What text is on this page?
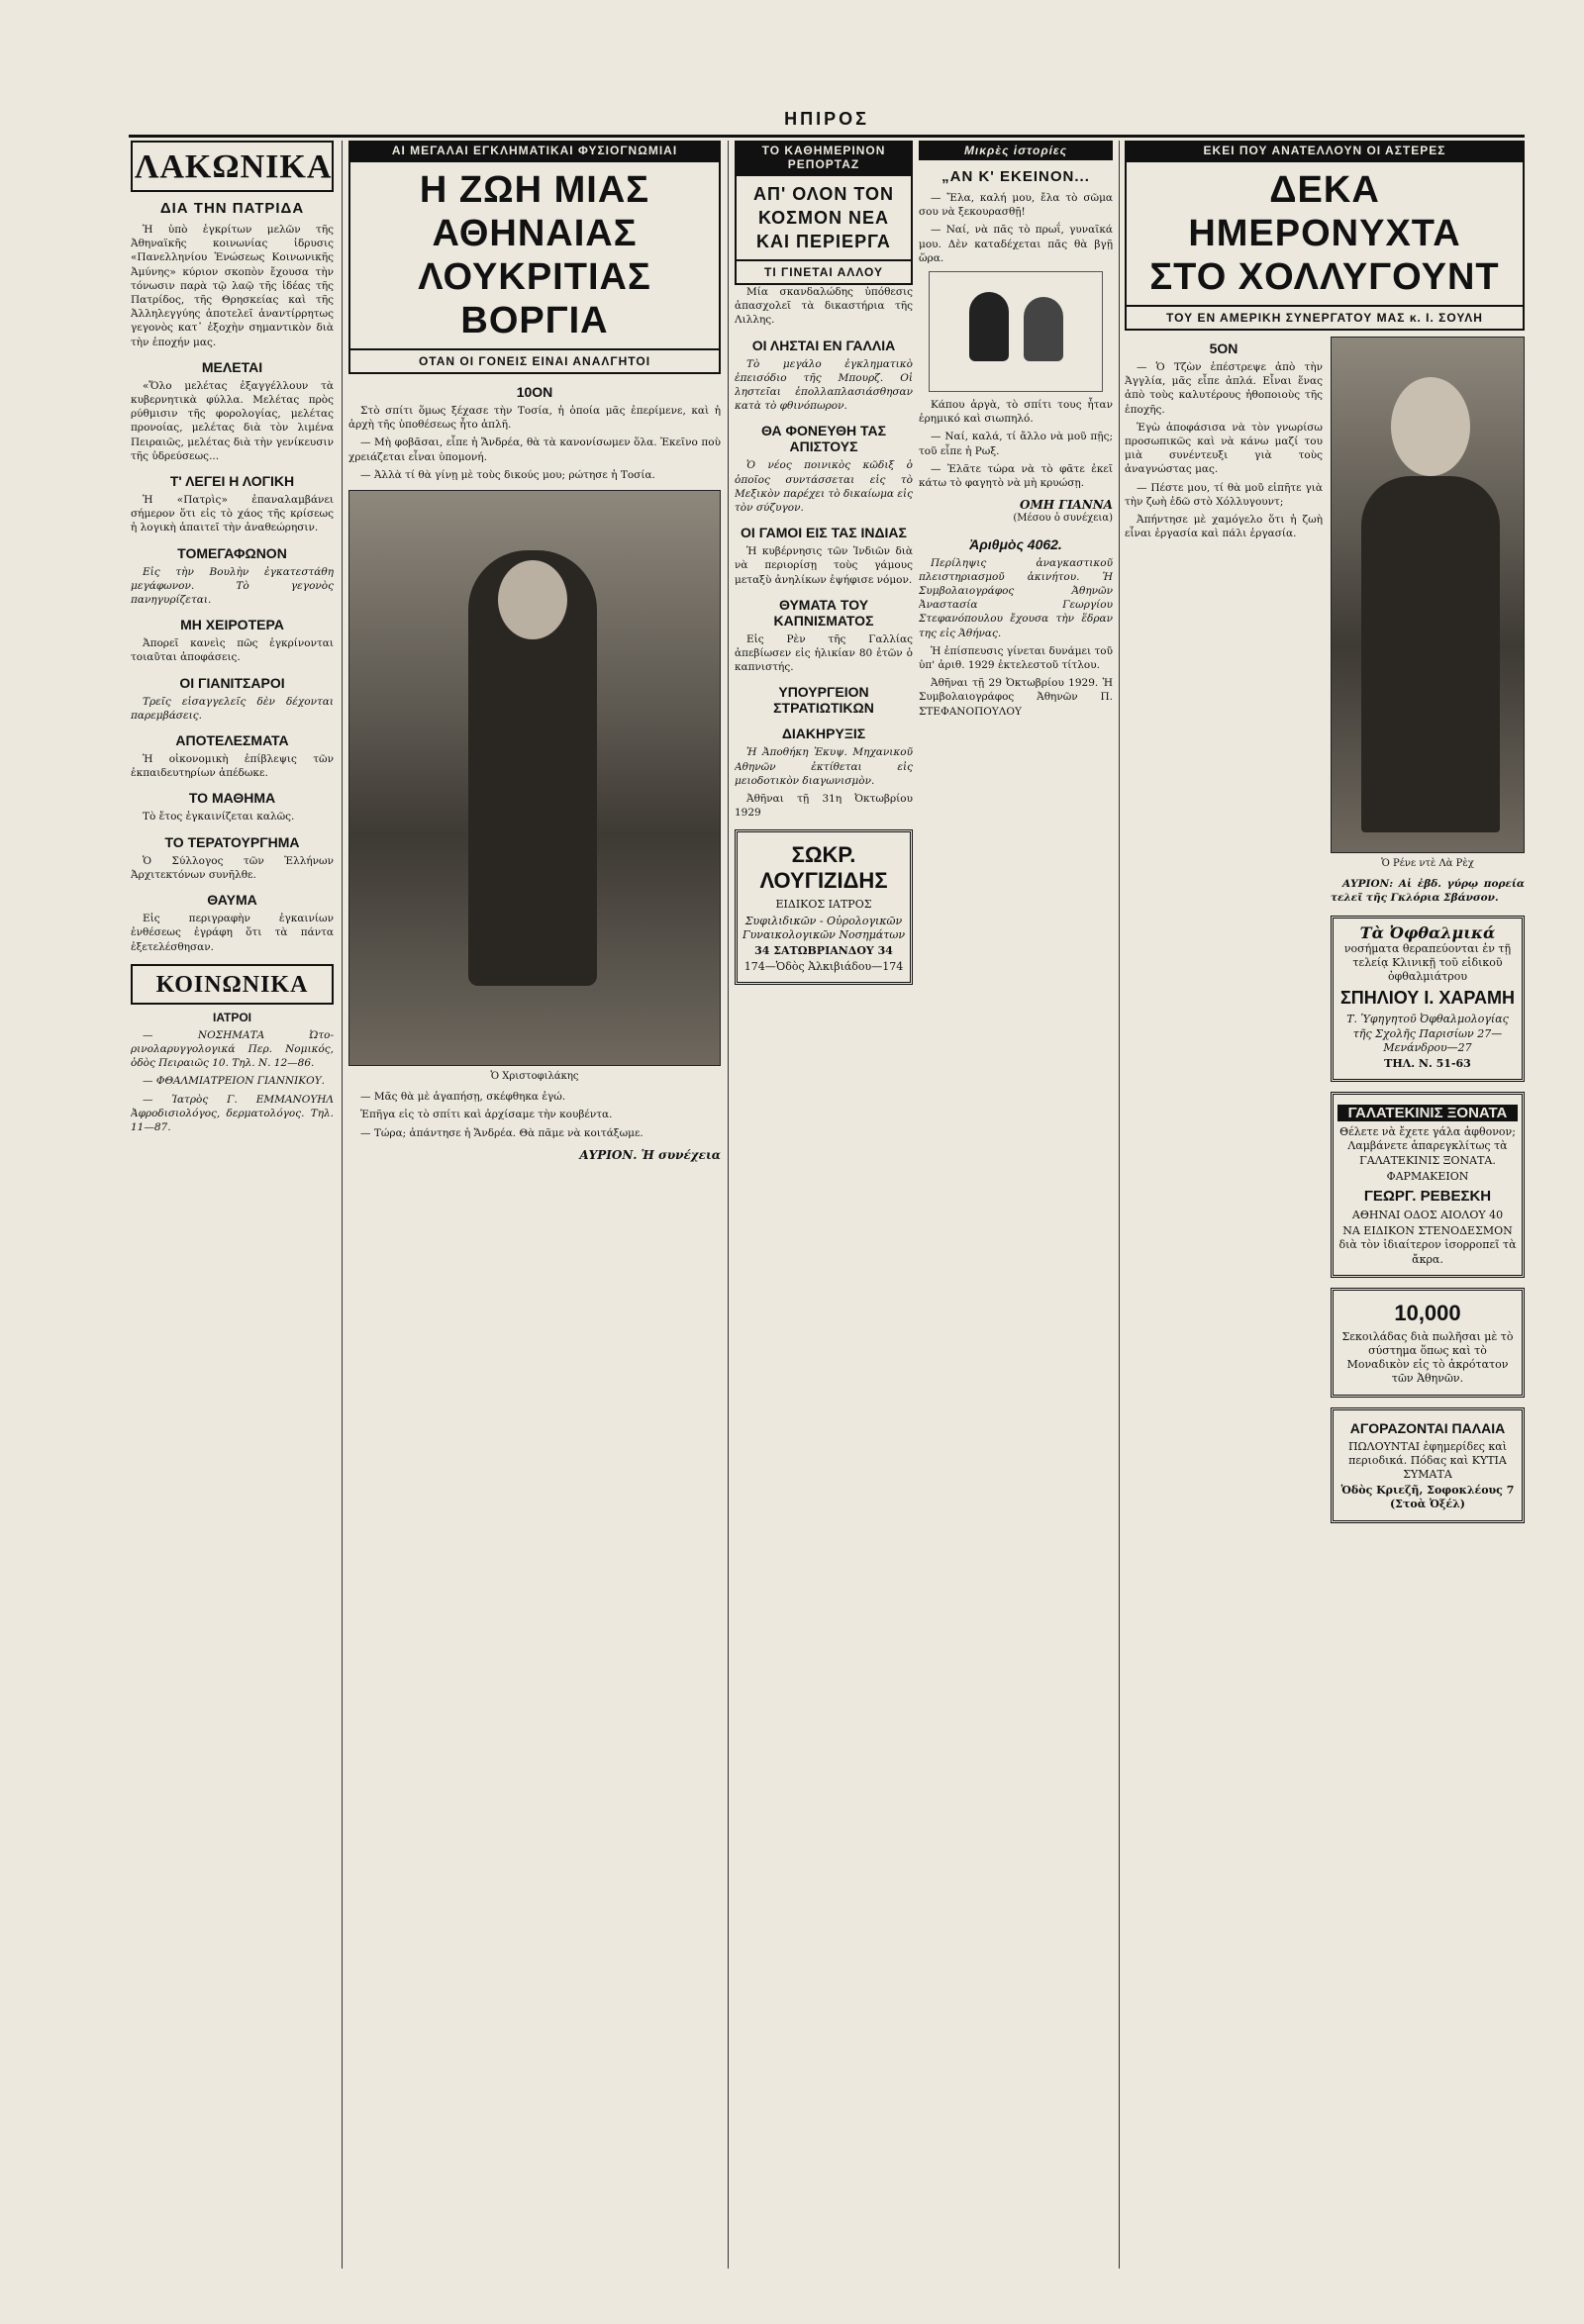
ΗΠΙΡΟΣ
ΛΑΚΩΝΙΚΑ
ΔΙΑ ΤΗΝ ΠΑΤΡΙΔΑ

Ἡ ὑπὸ ἐγκρίτων μελῶν τῆς Ἀθηναϊκῆς κοινωνίας ἱδρυσις «Πανελληνίου Ἑνώσεως Κοινωνικῆς Ἀμύνης» κύριον σκοπὸν ἔχουσα τὴν τόνωσιν παρὰ τῷ λαῷ τῆς ἰδέας τῆς Πατρίδος, τῆς Θρησκείας καὶ τῆς Ἀλληλεγγύης ἀποτελεῖ ἀναντίρρητως γεγονὸς κατ᾽ ἐξοχὴν σημαντικὸν διὰ τὴν ἐποχήν μας.

ΜΕΛΕΤΑΙ

«Ὅλο μελέτας ἐξαγγέλλουν τὰ κυβερνητικὰ φύλλα. Μελέτας πρὸς ρύθμισιν τῆς φορολογίας, μελέτας προνοίας, μελέτας διὰ τὸν λιμένα Πειραιῶς, μελέτας διὰ τὴν γενίκευσιν τῆς ὑδρεύσεως...

Τ' ΛΕΓΕΙ Η ΛΟΓΙΚΗ

Ἡ «Πατρὶς» ἐπαναλαμβάνει σήμερον ὅτι εἰς τὸ χάος τῆς κρίσεως ἡ λογικὴ ἀπαιτεῖ τὴν ἀναθεώρησιν.

ΤΟΜΕΓΑΦΩΝΟΝ

Εἰς τὴν Βουλὴν ἐγκατεστάθη μεγάφωνον. Τὸ γεγονὸς πανηγυρίζεται.

ΜΗ ΧΕΙΡΟΤΕΡΑ

Ἀπορεῖ κανεὶς πῶς ἐγκρίνονται τοιαῦται ἀποφάσεις.

ΟΙ ΓΙΑΝΙΤΣΑΡΟΙ

Τρεῖς εἰσαγγελεῖς δὲν δέχονται παρεμβάσεις.

ΑΠΟΤΕΛΕΣΜΑΤΑ

Ἡ οἰκονομικὴ ἐπίβλεψις τῶν ἐκπαιδευτηρίων ἀπέδωκε.

ΤΟ ΜΑΘΗΜΑ

Τὸ ἔτος ἐγκαινίζεται καλῶς.

ΤΟ ΤΕΡΑΤΟΥΡΓΗΜΑ

Ὁ Σύλλογος τῶν Ἑλλήνων Ἀρχιτεκτόνων συνῆλθε.

ΘΑΥΜΑ

Εἰς περιγραφὴν ἐγκαινίων ἐνθέσεως ἐγράφη ὅτι τὰ πάντα ἐξετελέσθησαν.

ΚΟΙΝΩΝΙΚΑ
ΙΑΤΡΟΙ

— ΝΟΣΗΜΑΤΑ Ὠτο-ρινολαρυγγολογικά Περ. Νομικός, ὁδὸς Πειραιῶς 10. Τηλ. Ν. 12—86.

— ΦΘΑΛΜΙΑΤΡΕΙΟΝ ΓΙΑΝΝΙΚΟΥ.

— Ἰατρὸς Γ. ΕΜΜΑΝΟΥΗΛ Ἀφροδισιολόγος, δερματολόγος. Τηλ. 11—87.

ΑΙ ΜΕΓΑΛΑΙ ΕΓΚΛΗΜΑΤΙΚΑΙ ΦΥΣΙΟΓΝΩΜΙΑΙ
Η ΖΩΗ ΜΙΑΣ ΑΘΗΝΑΙΑΣ
ΛΟΥΚΡΙΤΙΑΣ ΒΟΡΓΙΑ
ΟΤΑΝ ΟΙ ΓΟΝΕΙΣ ΕΙΝΑΙ ΑΝΑΛΓΗΤΟΙ
10ΟΝ

Στὸ σπίτι ὅμως ξέχασε τὴν Τοσία, ἡ ὁποία μᾶς ἐπερίμενε, καὶ ἡ ἀρχὴ τῆς ὑποθέσεως ἦτο ἁπλῆ.

— Μὴ φοβᾶσαι, εἶπε ἡ Ἄνδρέα, θὰ τὰ κανονίσωμεν ὅλα. Ἐκεῖνο ποὺ χρειάζεται εἶναι ὑπομονή.

— Ἀλλὰ τί θὰ γίνῃ μὲ τοὺς δικούς μου; ρώτησε ἡ Τοσία.

Ὁ Χριστοφιλάκης

— Μᾶς θὰ μὲ ἀγαπήσῃ, σκέφθηκα ἐγώ.

Ἐπῆγα εἰς τὸ σπίτι καὶ ἀρχίσαμε τὴν κουβέντα.

— Τώρα; ἀπάντησε ἡ Ἄνδρέα. Θὰ πᾶμε νὰ κοιτάξωμε.

ΑΥΡΙΟΝ. Ἡ συνέχεια
ΤΟ ΚΑΘΗΜΕΡΙΝΟΝ ΡΕΠΟΡΤΑΖ
ΑΠ' ΟΛΟΝ ΤΟΝ ΚΟΣΜΟΝ ΝΕΑ ΚΑΙ ΠΕΡΙΕΡΓΑ
ΤΙ ΓΙΝΕΤΑΙ ΑΛΛΟΥ

Μία σκανδαλώδης ὑπόθεσις ἀπασχολεῖ τὰ δικαστήρια τῆς Λιλλης.

ΟΙ ΛΗΣΤΑΙ ΕΝ ΓΑΛΛΙΑ

Τὸ μεγάλο ἐγκληματικὸ ἐπεισόδιο τῆς Μπουρζ. Οἱ ληστεῖαι ἐπολλαπλασιάσθησαν κατὰ τὸ φθινόπωρον.

ΘΑ ΦΟΝΕΥΘΗ ΤΑΣ ΑΠΙΣΤΟΥΣ

Ὁ νέος ποινικὸς κῶδιξ ὁ ὁποῖος συντάσσεται εἰς τὸ Μεξικὸν παρέχει τὸ δικαίωμα εἰς τὸν σύζυγον.

ΟΙ ΓΑΜΟΙ ΕΙΣ ΤΑΣ ΙΝΔΙΑΣ

Ἡ κυβέρνησις τῶν Ἰνδιῶν διὰ νὰ περιορίσῃ τοὺς γάμους μεταξὺ ἀνηλίκων ἐψήφισε νόμον.

ΘΥΜΑΤΑ ΤΟΥ ΚΑΠΝΙΣΜΑΤΟΣ

Εἰς Ρὲν τῆς Γαλλίας ἀπεβίωσεν εἰς ἡλικίαν 80 ἐτῶν ὁ καπνιστής.

ΥΠΟΥΡΓΕΙΟΝ ΣΤΡΑΤΙΩΤΙΚΩΝ
ΔΙΑΚΗΡΥΞΙΣ

Ἡ Ἀποθήκη Ἐκυψ. Μηχανικοῦ Αθηνῶν ἐκτίθεται εἰς μειοδοτικὸν διαγωνισμὸν.

Ἀθῆναι τῇ 31η Ὀκτωβρίου 1929

ΣΩΚΡ. ΛΟΥΓΙΖΙΔΗΣ
ΕΙΔΙΚΟΣ ΙΑΤΡΟΣ
Συφιλιδικῶν - Οὐρολογικῶν Γυναικολογικῶν Νοσημάτων
34 ΣΑΤΩΒΡΙΑΝΔΟΥ 34
174—Ὁδὸς Ἀλκιβιάδου—174
Μικρὲς ἱστορίες
„ΑΝ Κ' ΕΚΕΙΝΟΝ...

— Ἔλα, καλή μου, ἔλα τὸ σῶμα σου νὰ ξεκουρασθῇ!

— Ναί, νὰ πᾶς τὸ πρωΐ, γυναῖκά μου. Δὲν καταδέχεται πᾶς θὰ βγῇ ὥρα.

Κάπου ἀργὰ, τὸ σπίτι τους ἦταν ἐρημικό καὶ σιωπηλό.

— Ναί, καλά, τί ἄλλο νὰ μοῦ πῇς; τοῦ εἶπε ἡ Ρωξ.

— Ἐλᾶτε τώρα νὰ τὸ φᾶτε ἐκεῖ κάτω τὸ φαγητὸ νὰ μὴ κρυώσῃ.

ΟΜΗ ΓΙΑΝΝΑ
(Μέσου ὁ συνέχεια)
Ἀριθμὸς 4062.

Περίληψις ἀναγκαστικοῦ πλειστηριασμοῦ ἀκινήτου. Ἡ Συμβολαιογράφος Ἀθηνῶν Ἀναστασία Γεωργίου Στεφανόπουλου ἔχουσα τὴν ἕδραν της εἰς Ἀθήνας.

Ἡ ἐπίσπευσις γίνεται δυνάμει τοῦ ὑπ' ἀριθ. 1929 ἐκτελεστοῦ τίτλου.

Ἀθῆναι τῇ 29 Ὀκτωβρίου 1929. Ἡ Συμβολαιογράφος Ἀθηνῶν Π. ΣΤΕΦΑΝΟΠΟΥΛΟΥ

ΕΚΕΙ ΠΟΥ ΑΝΑΤΕΛΛΟΥΝ ΟΙ ΑΣΤΕΡΕΣ
ΔΕΚΑ ΗΜΕΡΟΝΥΧΤΑ
ΣΤΟ ΧΟΛΛΥΓΟΥΝΤ
ΤΟΥ ΕΝ ΑΜΕΡΙΚΗ ΣΥΝΕΡΓΑΤΟΥ ΜΑΣ κ. Ι. ΣΟΥΛΗ
5ΟΝ

— Ὁ Τζὼν ἐπέστρεψε ἀπὸ τὴν Ἀγγλία, μᾶς εἶπε ἀπλά. Εἶναι ἕνας ἀπὸ τοὺς καλυτέρους ἠθοποιοὺς τῆς ἐποχῆς.

Ἐγὼ ἀποφάσισα νὰ τὸν γνωρίσω προσωπικῶς καὶ νὰ κάνω μαζί του μιὰ συνέντευξι γιὰ τοὺς ἀναγνώστας μας.

— Πέστε μου, τί θὰ μοῦ εἰπῆτε γιὰ τὴν ζωὴ ἐδῶ στὸ Χόλλυγουντ;

Ἀπήντησε μὲ χαμόγελο ὅτι ἡ ζωὴ εἶναι ἐργασία καὶ πάλι ἐργασία.

Ὁ Ρένε ντὲ Λὰ Ρὲχ

ΑΥΡΙΟΝ: Αἱ ἐβδ. γύρῳ πορεία τελεῖ τῆς Γκλόρια Σβάνσον.

Τὰ Ὀφθαλμικά
νοσήματα θεραπεύονται ἐν τῇ τελείᾳ Κλινικῇ τοῦ εἰδικοῦ ὀφθαλμιάτρου
ΣΠΗΛΙΟΥ Ι. ΧΑΡΑΜΗ
Τ. Ὑφηγητοῦ Ὀφθαλμολογίας τῆς Σχολῆς Παρισίων 27—Μενάνδρου—27
ΤΗΛ. Ν. 51-63
ΓΑΛΑΤΕΚΙΝΙΣ ΞΟΝΑΤΑ
Θέλετε νὰ ἔχετε γάλα ἀφθονον; Λαμβάνετε ἀπαρεγκλίτως τὰ ΓΑΛΑΤΕΚΙΝΙΣ ΞΟΝΑΤΑ.
ΦΑΡΜΑΚΕΙΟΝ
ΓΕΩΡΓ. ΡΕΒΕΣΚΗ
ΑΘΗΝΑΙ ΟΔΟΣ ΑΙΟΛΟΥ 40
ΝΑ ΕΙΔΙΚΟΝ ΣΤΕΝΟΔΕΣΜΟΝ διὰ τὸν ἰδιαίτερον ἰσορροπεῖ τὰ ἄκρα.
10,000
Σεκοιλάδας διὰ πωλῆσαι μὲ τὸ σύστημα ὅπως καὶ τὸ Μοναδικὸν εἰς τὸ ἀκρότατον τῶν Ἀθηνῶν.
ΑΓΟΡΑΖΟΝΤΑΙ ΠΑΛΑΙΑ
ΠΩΛΟΥΝΤΑΙ ἐφημερίδες καὶ περιοδικά. Πόδας καὶ ΚΥΤΙΑ ΣΥΜΑΤΑ
Ὁδὸς Κριεζῆ, Σοφοκλέους 7 (Στοὰ Ὀξέλ)
